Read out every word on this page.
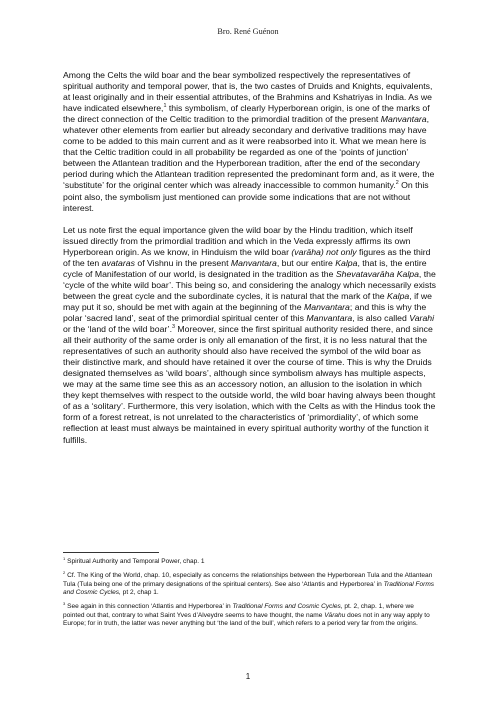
Bro. René Guénon

Among the Celts the wild boar and the bear symbolized respectively the representatives of spiritual authority and temporal power, that is, the two castes of Druids and Knights, equivalents, at least originally and in their essential attributes, of the Brahmins and Kshatriyas in India. As we have indicated elsewhere,$^1$ this symbolism, of clearly Hyperborean origin, is one of the marks of the direct connection of the Celtic tradition to the primordial tradition of the present Manvantara, whatever other elements from earlier but already secondary and derivative traditions may have come to be added to this main current and as it were reabsorbed into it. What we mean here is that the Celtic tradition could in all probability be regarded as one of the ‘points of junction’ between the Atlantean tradition and the Hyperborean tradition, after the end of the secondary period during which the Atlantean tradition represented the predominant form and, as it were, the ‘substitute’ for the original center which was already inaccessible to common humanity.$^2$ On this point also, the symbolism just mentioned can provide some indications that are not without interest.

Let us note first the equal importance given the wild boar by the Hindu tradition, which itself issued directly from the primordial tradition and which in the Veda expressly affirms its own Hyperborean origin. As we know, in Hinduism the wild boar (varāha) not only figures as the third of the ten avataras of Vishnu in the present Manvantara, but our entire Kalpa, that is, the entire cycle of Manifestation of our world, is designated in the tradition as the Shevatavarāha Kalpa, the ‘cycle of the white wild boar’. This being so, and considering the analogy which necessarily exists between the great cycle and the subordinate cycles, it is natural that the mark of the Kalpa, if we may put it so, should be met with again at the beginning of the Manvantara; and this is why the polar ‘sacred land’, seat of the primordial spiritual center of this Manvantara, is also called Varahi or the ‘land of the wild boar’.$^3$ Moreover, since the first spiritual authority resided there, and since all their authority of the same order is only all emanation of the first, it is no less natural that the representatives of such an authority should also have received the symbol of the wild boar as their distinctive mark, and should have retained it over the course of time. This is why the Druids designated themselves as ‘wild boars’, although since symbolism always has multiple aspects, we may at the same time see this as an accessory notion, an allusion to the isolation in which they kept themselves with respect to the outside world, the wild boar having always been thought of as a ‘solitary’. Furthermore, this very isolation, which with the Celts as with the Hindus took the form of a forest retreat, is not unrelated to the characteristics of ‘primordiality’, of which some reflection at least must always be maintained in every spiritual authority worthy of the function it fulfills.

$^1$ Spiritual Authority and Temporal Power, chap. 1
$^2$ Cf. The King of the World, chap. 10, especially as concerns the relationships between the Hyperborean Tula and the Atlantean Tula (Tula being one of the primary designations of the spiritual centers). See also ‘Atlantis and Hyperborea’ in Traditional Forms and Cosmic Cycles, pt 2, chap 1.
$^3$ See again in this connection ‘Atlantis and Hyperborea’ in Traditional Forms and Cosmic Cycles, pt. 2, chap. 1, where we pointed out that, contrary to what Saint Yves d’Alveydre seems to have thought, the name Vārahu does not in any way apply to Europe; for in truth, the latter was never anything but ‘the land of the bull’, which refers to a period very far from the origins.
1
